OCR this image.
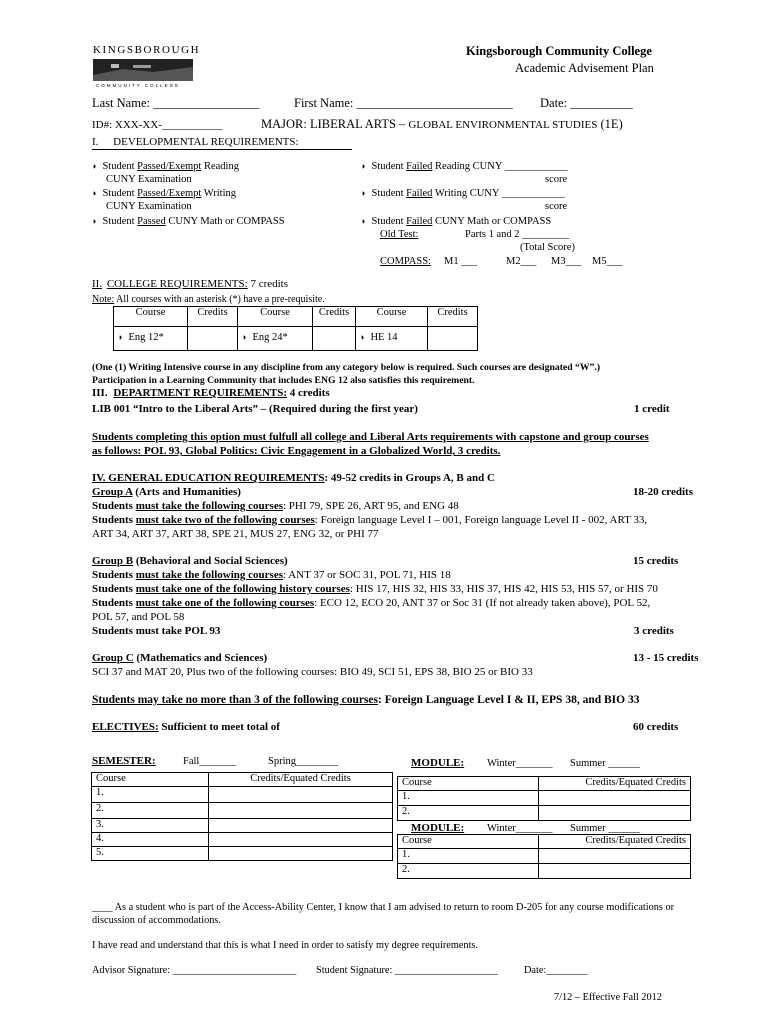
KINGSBOROUGH
COMMUNITY COLLEGE
Kingsborough Community College
Academic Advisement Plan
Last Name: _________________	First Name: _________________________ Date: __________
ID#: XXX-XX-___________	MAJOR: LIBERAL ARTS – GLOBAL ENVIRONMENTAL STUDIES (1E)
I. DEVELOPMENTAL REQUIREMENTS:
◗ Student Passed/Exempt Reading
CUNY Examination
◗ Student Passed/Exempt Writing
CUNY Examination
◗ Student Passed CUNY Math or COMPASS
◗ Student Failed Reading CUNY ____________
score
◗ Student Failed Writing CUNY ____________
score
◗ Student Failed CUNY Math or COMPASS
Old Test:	Parts 1 and 2 _________
(Total Score)
COMPASS: M1 ___	M2___ M3___ M5___
II. COLLEGE REQUIREMENTS: 7 credits
Note: All courses with an asterisk (*) have a pre-requisite.
Course	Credits	Course	Credits	Course	Credits
◗ Eng 12*		◗ Eng 24*		◗ HE 14	
(One (1) Writing Intensive course in any discipline from any category below is required. Such courses are designated “W”.)
Participation in a Learning Community that includes ENG 12 also satisfies this requirement.
III. DEPARTMENT REQUIREMENTS: 4 credits
LIB 001 “Intro to the Liberal Arts” – (Required during the first year)	1 credit
Students completing this option must fulfull all college and Liberal Arts requirements with capstone and group courses
as follows: POL 93, Global Politics: Civic Engagement in a Globalized World, 3 credits.
IV. GENERAL EDUCATION REQUIREMENTS: 49-52 credits in Groups A, B and C
Group A (Arts and Humanities)	18-20 credits
Students must take the following courses: PHI 79, SPE 26, ART 95, and ENG 48
Students must take two of the following courses: Foreign language Level I – 001, Foreign language Level II - 002, ART 33,
ART 34, ART 37, ART 38, SPE 21, MUS 27, ENG 32, or PHI 77
Group B (Behavioral and Social Sciences)	15 credits
Students must take the following courses: ANT 37 or SOC 31, POL 71, HIS 18
Students must take one of the following history courses: HIS 17, HIS 32, HIS 33, HIS 37, HIS 42, HIS 53, HIS 57, or HIS 70
Students must take one of the following courses: ECO 12, ECO 20, ANT 37 or Soc 31 (If not already taken above), POL 52,
POL 57, and POL 58
Students must take POL 93	3 credits
Group C (Mathematics and Sciences)	13 - 15 credits
SCI 37 and MAT 20, Plus two of the following courses: BIO 49, SCI 51, EPS 38, BIO 25 or BIO 33
Students may take no more than 3 of the following courses: Foreign Language Level I & II, EPS 38, and BIO 33
ELECTIVES: Sufficient to meet total of	60 credits
SEMESTER:	Fall_______	Spring________
Course	Credits/Equated Credits
1.	
2.	
3.	
4.	
5.	
MODULE: Winter_______ Summer ______
Course	Credits/Equated Credits
1.	
2.	
MODULE: Winter_______ Summer ______
Course	Credits/Equated Credits
1.	
2.	
____ As a student who is part of the Access-Ability Center, I know that I am advised to return to room D-205 for any course modifications or
discussion of accommodations.
I have read and understand that this is what I need in order to satisfy my degree requirements.
Advisor Signature: ________________________ Student Signature: ____________________	Date:________
7/12 – Effective Fall 2012
